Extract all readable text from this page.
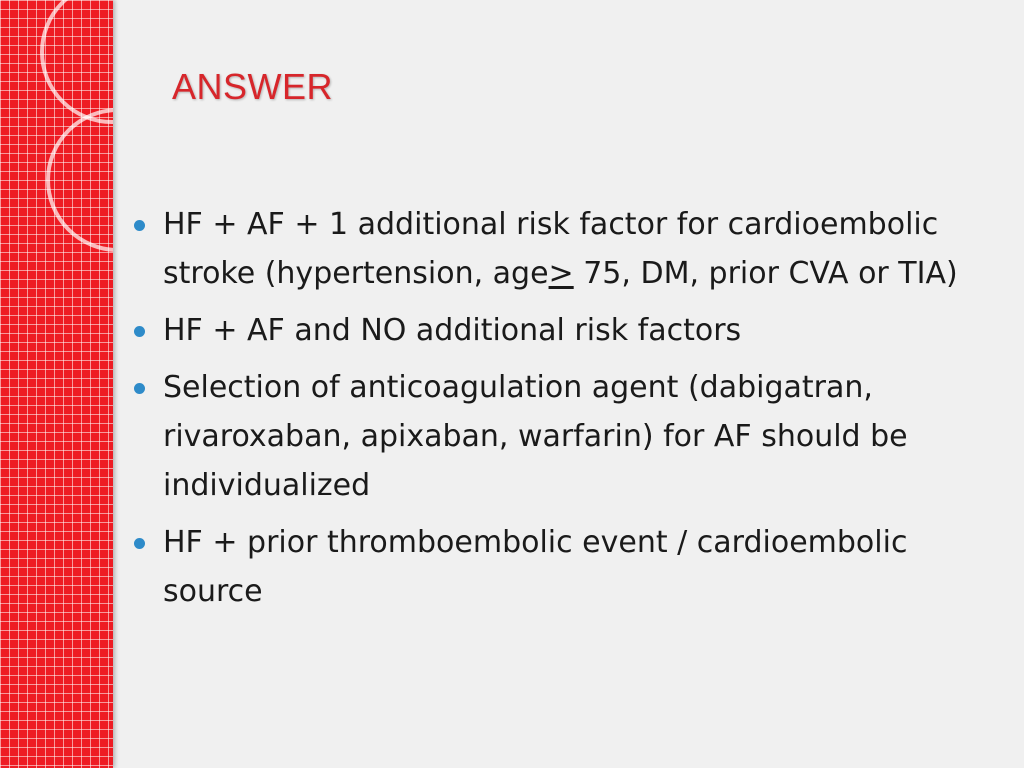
ANSWER
HF + AF + 1 additional risk factor for cardioembolic stroke (hypertension, age≥ 75, DM, prior CVA or TIA)
HF + AF and NO additional risk factors
Selection of anticoagulation agent (dabigatran, rivaroxaban, apixaban, warfarin) for AF should be individualized
HF + prior thromboembolic event / cardioembolic source
